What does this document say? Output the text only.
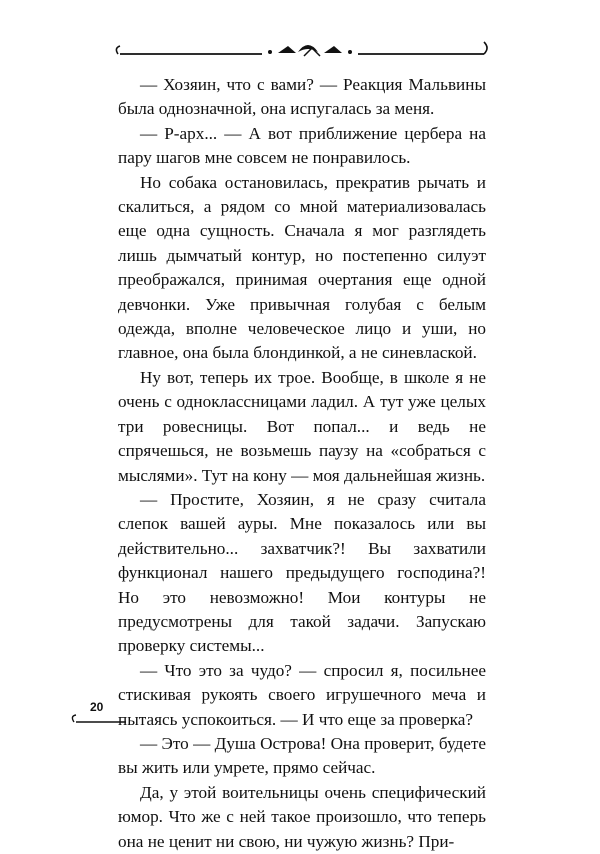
— Хозяин, что с вами? — Реакция Мальвины была однозначной, она испугалась за меня.

— Р-арх... — А вот приближение цербера на пару шагов мне совсем не понравилось.

Но собака остановилась, прекратив рычать и скалиться, а рядом со мной материализовалась еще одна сущность. Сначала я мог разглядеть лишь дымчатый контур, но постепенно силуэт преображался, принимая очертания еще одной девчонки. Уже привычная голубая с белым одежда, вполне человеческое лицо и уши, но главное, она была блондинкой, а не синевлаской.

Ну вот, теперь их трое. Вообще, в школе я не очень с одноклассницами ладил. А тут уже целых три ровесницы. Вот попал... и ведь не спрячешься, не возьмешь паузу на «собраться с мыслями». Тут на кону — моя дальнейшая жизнь.

— Простите, Хозяин, я не сразу считала слепок вашей ауры. Мне показалось или вы действительно... захватчик?! Вы захватили функционал нашего предыдущего господина?! Но это невозможно! Мои контуры не предусмотрены для такой задачи. Запускаю проверку системы...

— Что это за чудо? — спросил я, посильнее стискивая рукоять своего игрушечного меча и пытаясь успокоиться. — И что еще за проверка?

— Это — Душа Острова! Она проверит, будете вы жить или умрете, прямо сейчас.

Да, у этой воительницы очень специфический юмор. Что же с ней такое произошло, что теперь она не ценит ни свою, ни чужую жизнь? При-

20
